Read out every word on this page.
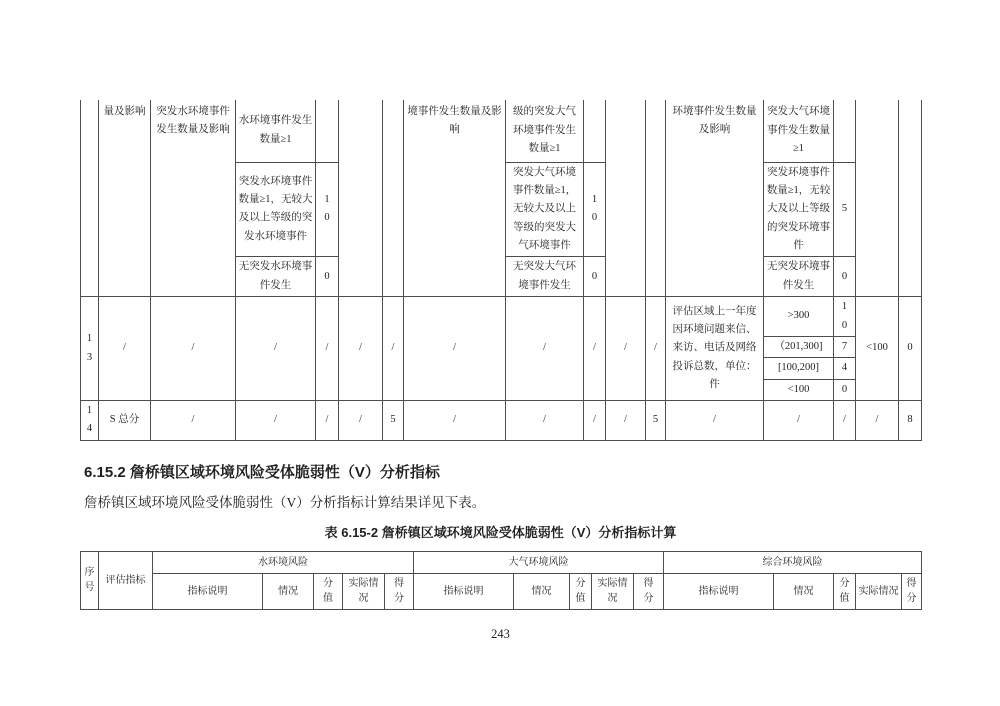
	量及影响	突发水环境事件发生数量及影响	水环境事件发生数量≥1				境事件发生数量及影响	级的突发大气环境事件发生数量≥1				环境事件发生数量及影响	突发大气环境事件发生数量≥1			
			突发水环境事件数量≥1，无较大及以上等级的突发水环境事件	10				突发大气环境事件数量≥1，无较大及以上等级的突发大气环境事件	10				突发环境事件数量≥1，无较大及以上等级的突发环境事件	5		
			无突发水环境事件发生	0				无突发大气环境事件发生	0				无突发环境事件发生	0		
13	/	/	/	/	/	/	/	/	/	/	/	评估区域上一年度因环境问题来信、来访、电话及网络投诉总数，单位：件	>300	10	<100	0
													（201,300]	7		
													[100,200]	4		
													<100	0		
14	S 总分	/	/	/	/	5	/	/	/	/	5	/	/	/	/	8
6.15.2 詹桥镇区域环境风险受体脆弱性（V）分析指标
詹桥镇区域环境风险受体脆弱性（V）分析指标计算结果详见下表。
表 6.15-2 詹桥镇区域环境风险受体脆弱性（V）分析指标计算
序号	评估指标	水环境风险					大气环境风险					综合环境风险				
		指标说明	情况	分值	实际情况	得分	指标说明	情况	分值	实际情况	得分	指标说明	情况	分值	实际情况	得分
243
